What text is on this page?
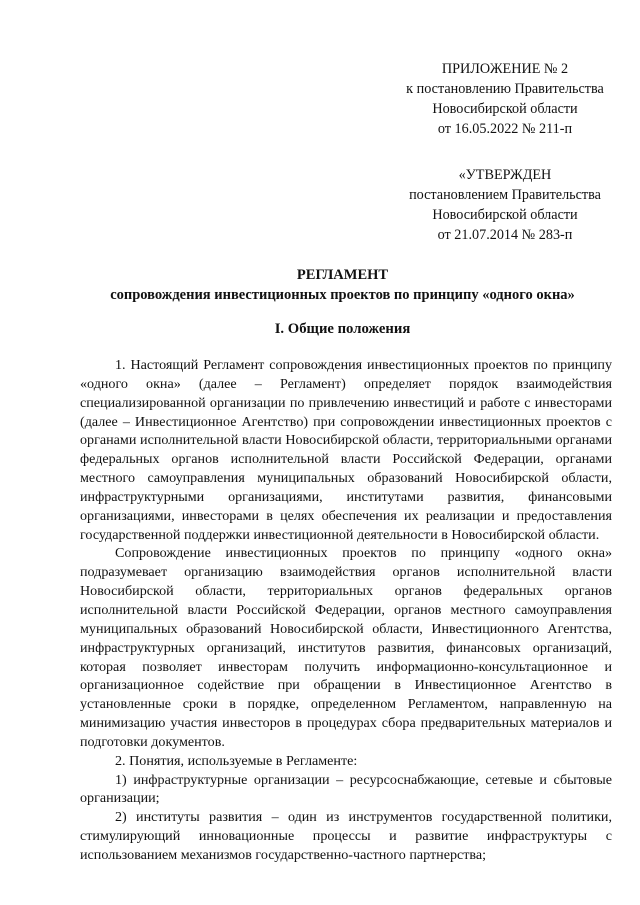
ПРИЛОЖЕНИЕ № 2
к постановлению Правительства
Новосибирской области
от 16.05.2022 № 211-п
«УТВЕРЖДЕН
постановлением Правительства
Новосибирской области
от 21.07.2014 № 283-п
РЕГЛАМЕНТ
сопровождения инвестиционных проектов по принципу «одного окна»
I. Общие положения

1. Настоящий Регламент сопровождения инвестиционных проектов по принципу «одного окна» (далее – Регламент) определяет порядок взаимодействия специализированной организации по привлечению инвестиций и работе с инвесторами (далее – Инвестиционное Агентство) при сопровождении инвестиционных проектов с органами исполнительной власти Новосибирской области, территориальными органами федеральных органов исполнительной власти Российской Федерации, органами местного самоуправления муниципальных образований Новосибирской области, инфраструктурными организациями, институтами развития, финансовыми организациями, инвесторами в целях обеспечения их реализации и предоставления государственной поддержки инвестиционной деятельности в Новосибирской области.

Сопровождение инвестиционных проектов по принципу «одного окна» подразумевает организацию взаимодействия органов исполнительной власти Новосибирской области, территориальных органов федеральных органов исполнительной власти Российской Федерации, органов местного самоуправления муниципальных образований Новосибирской области, Инвестиционного Агентства, инфраструктурных организаций, институтов развития, финансовых организаций, которая позволяет инвесторам получить информационно-консультационное и организационное содействие при обращении в Инвестиционное Агентство в установленные сроки в порядке, определенном Регламентом, направленную на минимизацию участия инвесторов в процедурах сбора предварительных материалов и подготовки документов.

2. Понятия, используемые в Регламенте:

1) инфраструктурные организации – ресурсоснабжающие, сетевые и сбытовые организации;

2) институты развития – один из инструментов государственной политики, стимулирующий инновационные процессы и развитие инфраструктуры с использованием механизмов государственно-частного партнерства;
